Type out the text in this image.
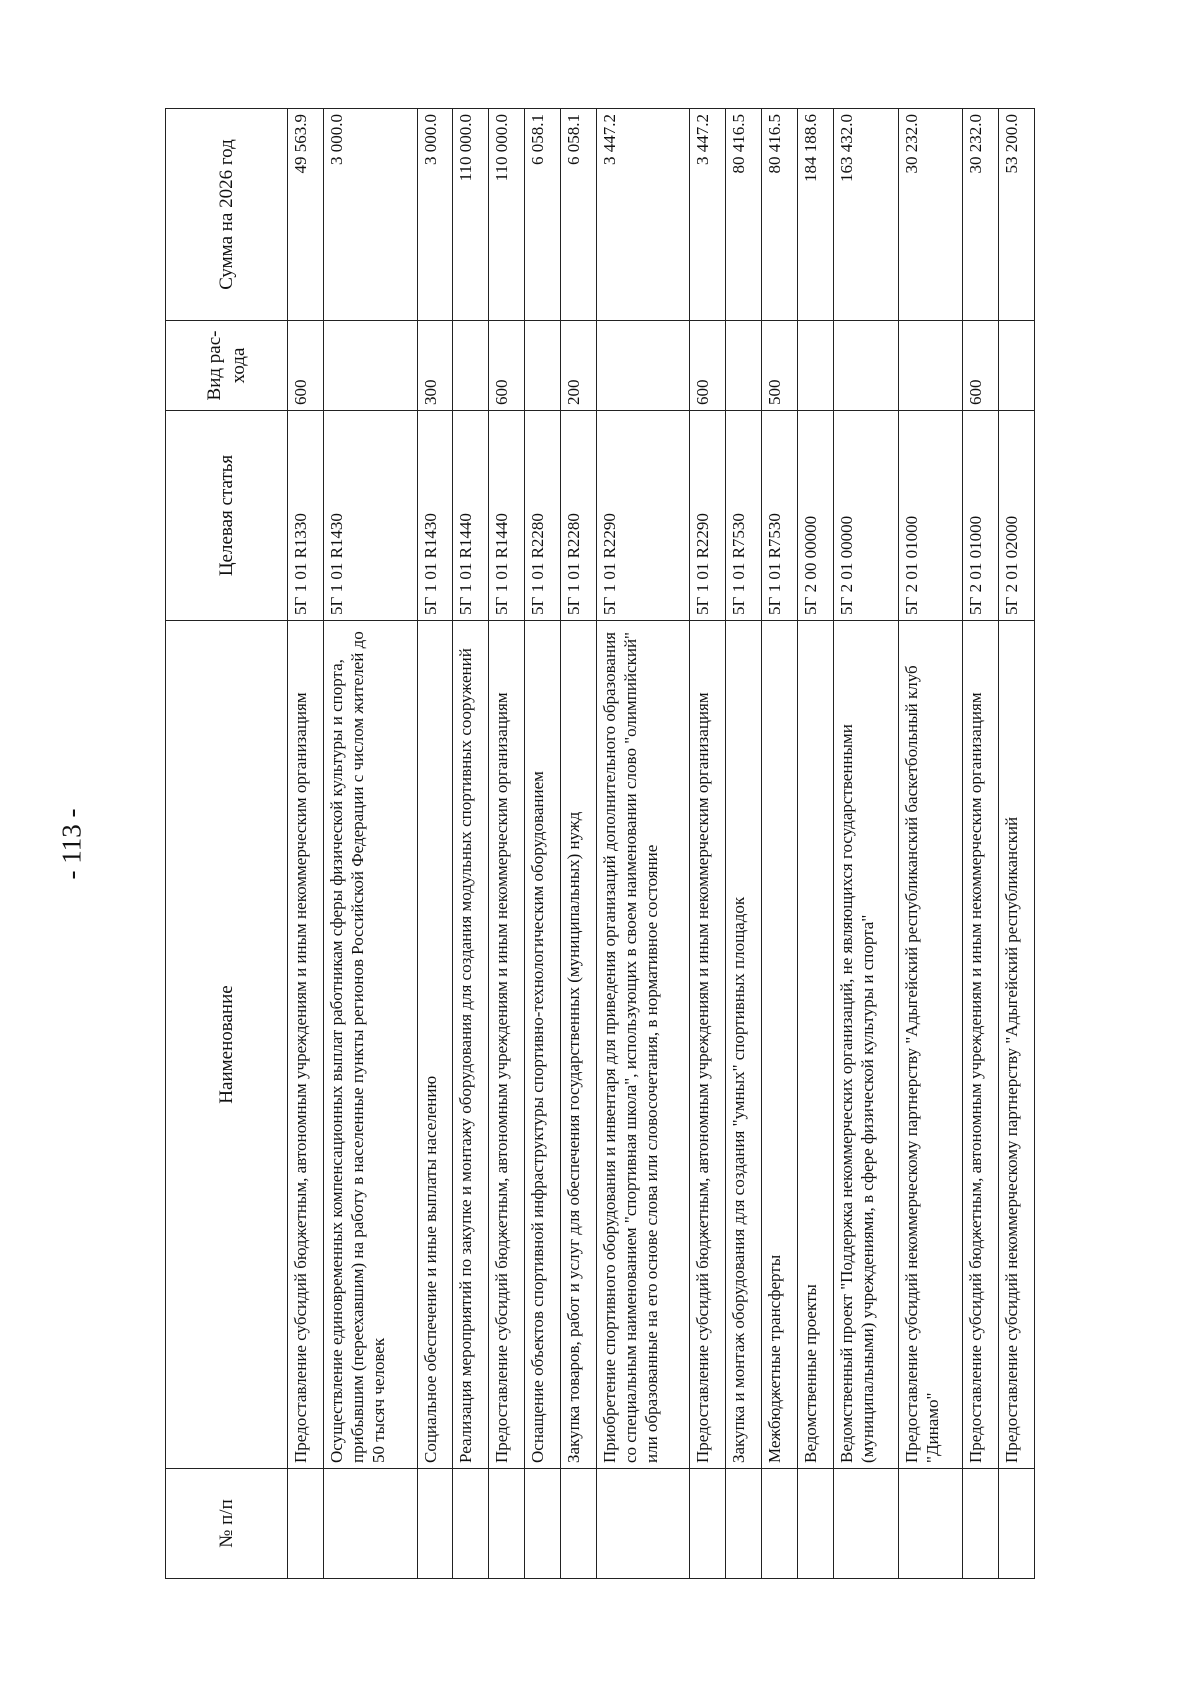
- 113 -
№ п/п	Наименование	Целевая статья	Вид рас-хода	Сумма на 2026 год
	Предоставление субсидий бюджетным, автономным учреждениям и иным некоммерческим организациям	5Г 1 01 R1330	600	49 563.9
	Осуществление единовременных компенсационных выплат работникам сферы физической культуры и спорта, прибывшим (переехавшим) на работу в населенные пункты регионов Российской Федерации с числом жителей до 50 тысяч человек	5Г 1 01 R1430		3 000.0
	Социальное обеспечение и иные выплаты населению	5Г 1 01 R1430	300	3 000.0
	Реализация мероприятий по закупке и монтажу оборудования для создания модульных спортивных сооружений	5Г 1 01 R1440		110 000.0
	Предоставление субсидий бюджетным, автономным учреждениям и иным некоммерческим организациям	5Г 1 01 R1440	600	110 000.0
	Оснащение объектов спортивной инфраструктуры спортивно-технологическим оборудованием	5Г 1 01 R2280		6 058.1
	Закупка товаров, работ и услуг для обеспечения государственных (муниципальных) нужд	5Г 1 01 R2280	200	6 058.1
	Приобретение спортивного оборудования и инвентаря для приведения организаций дополнительного образования со специальным наименованием "спортивная школа", использующих в своем наименовании слово "олимпийский" или образованные на его основе слова или словосочетания, в нормативное состояние	5Г 1 01 R2290		3 447.2
	Предоставление субсидий бюджетным, автономным учреждениям и иным некоммерческим организациям	5Г 1 01 R2290	600	3 447.2
	Закупка и монтаж оборудования для создания "умных" спортивных площадок	5Г 1 01 R7530		80 416.5
	Межбюджетные трансферты	5Г 1 01 R7530	500	80 416.5
	Ведомственные проекты	5Г 2 00 00000		184 188.6
	Ведомственный проект "Поддержка некоммерческих организаций, не являющихся государственными (муниципальными) учреждениями, в сфере физической культуры и спорта"	5Г 2 01 00000		163 432.0
	Предоставление субсидий некоммерческому партнерству "Адыгейский республиканский баскетбольный клуб "Динамо"	5Г 2 01 01000		30 232.0
	Предоставление субсидий бюджетным, автономным учреждениям и иным некоммерческим организациям	5Г 2 01 01000	600	30 232.0
	Предоставление субсидий некоммерческому партнерству "Адыгейский республиканский	5Г 2 01 02000		53 200.0
